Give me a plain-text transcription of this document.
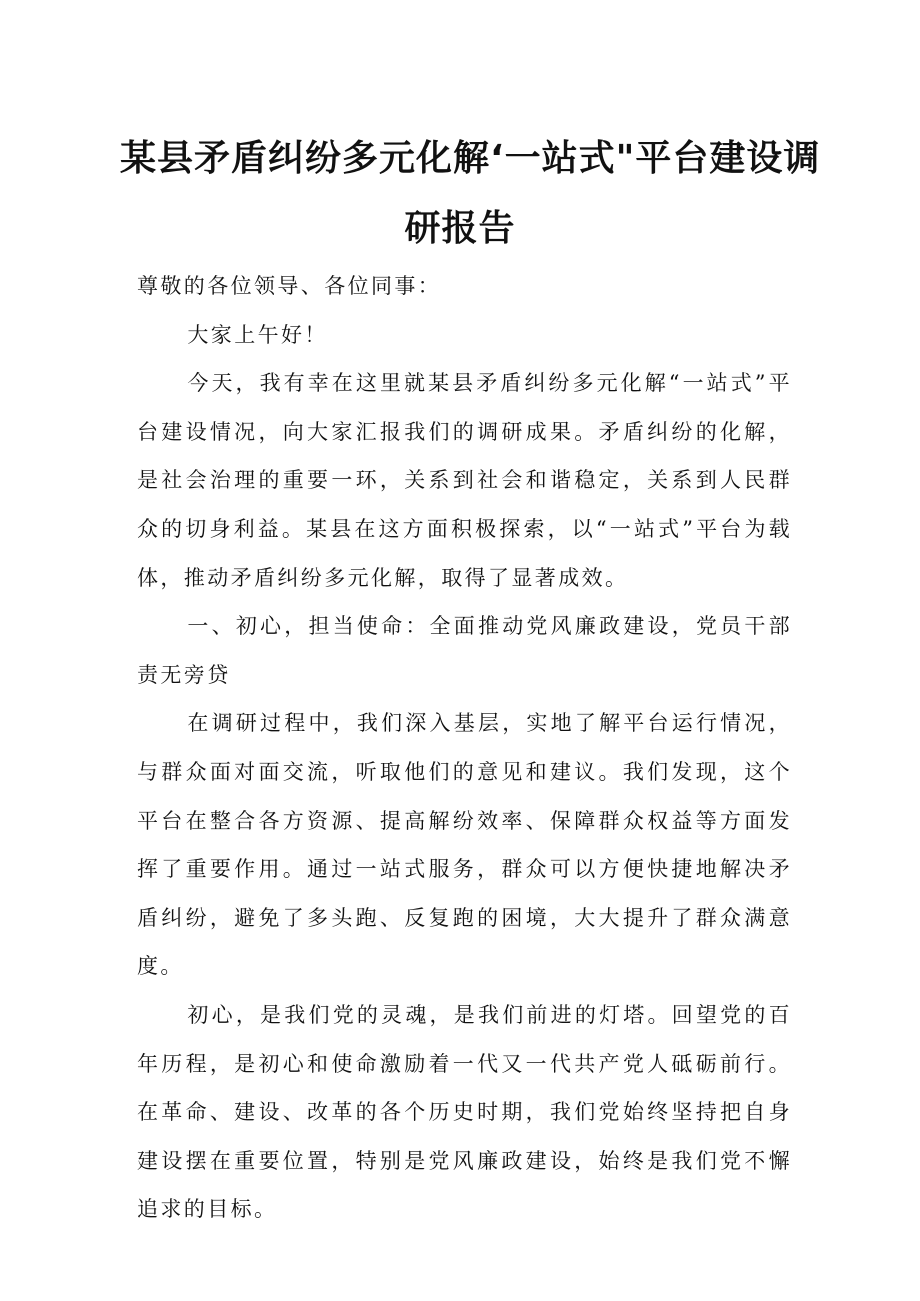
某县矛盾纠纷多元化解‘一站式"平台建设调
研报告

尊敬的各位领导、各位同事：

大家上午好！

今天，我有幸在这里就某县矛盾纠纷多元化解“一站式”平台建设情况，向大家汇报我们的调研成果。矛盾纠纷的化解，是社会治理的重要一环，关系到社会和谐稳定，关系到人民群众的切身利益。某县在这方面积极探索，以“一站式”平台为载体，推动矛盾纠纷多元化解，取得了显著成效。

一、初心，担当使命：全面推动党风廉政建设，党员干部责无旁贷

在调研过程中，我们深入基层，实地了解平台运行情况，与群众面对面交流，听取他们的意见和建议。我们发现，这个平台在整合各方资源、提高解纷效率、保障群众权益等方面发挥了重要作用。通过一站式服务，群众可以方便快捷地解决矛盾纠纷，避免了多头跑、反复跑的困境，大大提升了群众满意度。

初心，是我们党的灵魂，是我们前进的灯塔。回望党的百年历程，是初心和使命激励着一代又一代共产党人砥砺前行。在革命、建设、改革的各个历史时期，我们党始终坚持把自身建设摆在重要位置，特别是党风廉政建设，始终是我们党不懈追求的目标。
